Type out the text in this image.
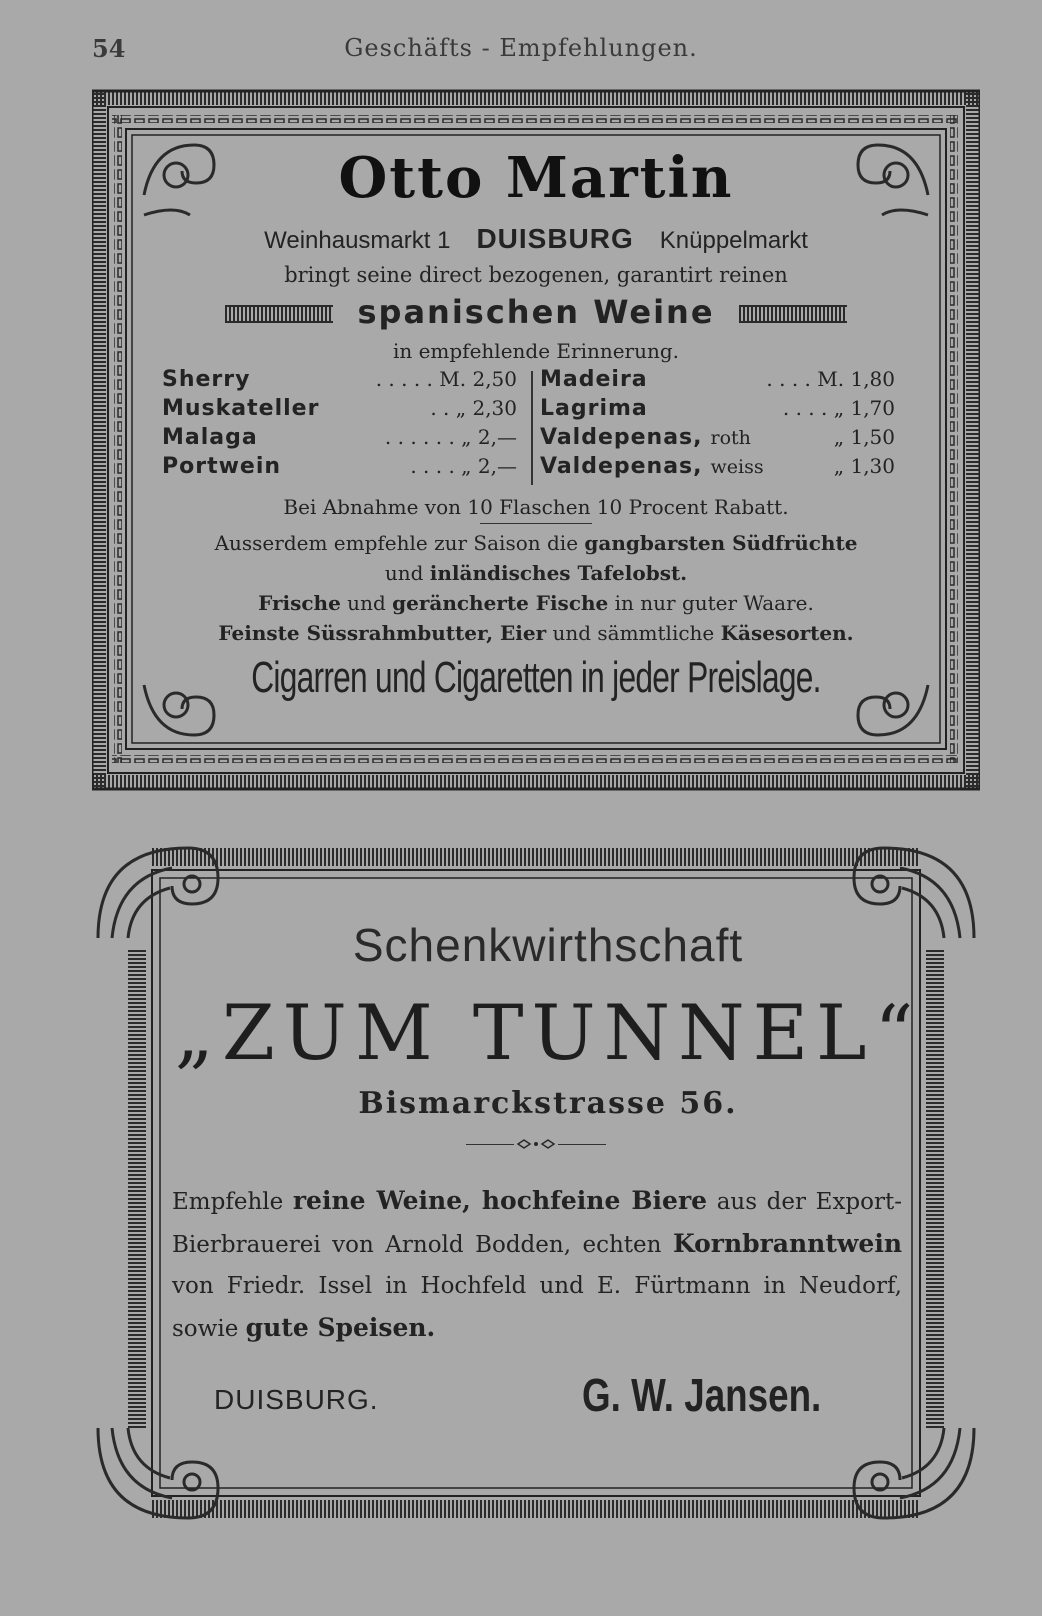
54	Geschäfts - Empfehlungen.
Otto Martin
Weinhausmarkt 1 DUISBURG Knüppelmarkt
bringt seine direct bezogenen, garantirt reinen
spanischen Weine
in empfehlende Erinnerung.
Sherry	. . . . . M. 2,50
Muskateller	. . „ 2,30
Malaga	. . . . . . „ 2,—
Portwein	. . . . „ 2,—
Madeira	. . . . M. 1,80
Lagrima	. . . . „ 1,70
Valdepenas, roth	„ 1,50
Valdepenas, weiss	„ 1,30
Bei Abnahme von 10 Flaschen 10 Procent Rabatt.
Ausserdem empfehle zur Saison die gangbarsten Südfrüchte
und inländisches Tafelobst.
Frische und geräncherte Fische in nur guter Waare.
Feinste Süssrahmbutter, Eier und sämmtliche Käsesorten.
Cigarren und Cigaretten in jeder Preislage.
Schenkwirthschaft
„ZUM TUNNEL“
Bismarckstrasse 56.
Empfehle reine Weine, hochfeine Biere aus der Export-Bierbrauerei von Arnold Bodden, echten Kornbranntwein von Friedr. Issel in Hochfeld und E. Fürtmann in Neudorf, sowie gute Speisen.
DUISBURG.	G. W. Jansen.
